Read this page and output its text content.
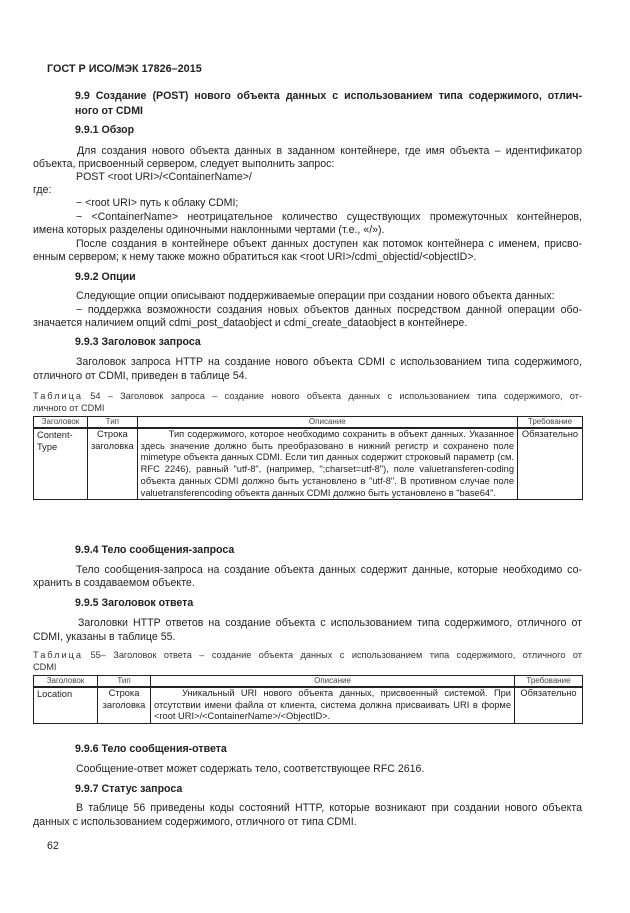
ГОСТ Р ИСО/МЭК 17826–2015
9.9 Создание (POST) нового объекта данных с использованием типа содержимого, отлич-
ного от CDMI
9.9.1 Обзор
Для создания нового объекта данных в заданном контейнере, где имя объекта – идентификатор
объекта, присвоенный сервером, следует выполнить запрос:
POST <root URI>/<ContainerName>/
где:
− <root URI> путь к облаку CDMI;
− <ContainerName> неотрицательное количество существующих промежуточных контейнеров,
имена которых разделены одиночными наклонными чертами (т.е., «/»).
После создания в контейнере объект данных доступен как потомок контейнера с именем, присво-
енным сервером; к нему также можно обратиться как <root URI>/cdmi_objectid/<objectID>.
9.9.2 Опции
Следующие опции описывают поддерживаемые операции при создании нового объекта данных:
− поддержка возможности создания новых объектов данных посредством данной операции обо-
значается наличием опций cdmi_post_dataobject и cdmi_create_dataobject в контейнере.
9.9.3 Заголовок запроса
Заголовок запроса HTTP на создание нового объекта CDMI с использованием типа содержимого,
отличного от CDMI, приведен в таблице 54.
Таблица 54 – Заголовок запроса – создание нового объекта данных с использованием типа содержимого, от-
личного от CDMI
Заголовок	Тип	Описание	Требование
Content-Type	Строка заголовка	Тип содержимого, которое необходимо сохранить в объект данных. Указанное здесь значение должно быть преобразовано в нижний регистр и сохранено поле mimetype объекта данных CDMI. Если тип данных содержит строковый параметр (см. RFC 2246), равный "utf-8", (например, ";charset=utf-8"), поле valuetransferen-coding объекта данных CDMI должно быть установлено в "utf-8". В противном случае поле valuetransferencoding объекта данных CDMI должно быть установлено в "base64".	Обязательно
9.9.4 Тело сообщения-запроса
Тело сообщения-запроса на создание объекта данных содержит данные, которые необходимо со-
хранить в создаваемом объекте.
9.9.5 Заголовок ответа
Заголовки HTTP ответов на создание объекта с использованием типа содержимого, отличного от
CDMI, указаны в таблице 55.
Таблица 55– Заголовок ответа – создание объекта данных с использованием типа содержимого, отличного от
CDMI
Заголовок	Тип	Описание	Требование
Location	Строка заголовка	Уникальный URI нового объекта данных, присвоенный системой. При отсутствии имени файла от клиента, система должна присваивать URI в форме <root URI>/<ContainerName>/<ObjectID>.	Обязательно
9.9.6 Тело сообщения-ответа
Сообщение-ответ может содержать тело, соответствующее RFC 2616.
9.9.7 Статус запроса
В таблице 56 приведены коды состояний HTTP, которые возникают при создании нового объекта
данных с использованием содержимого, отличного от типа CDMI.
62
